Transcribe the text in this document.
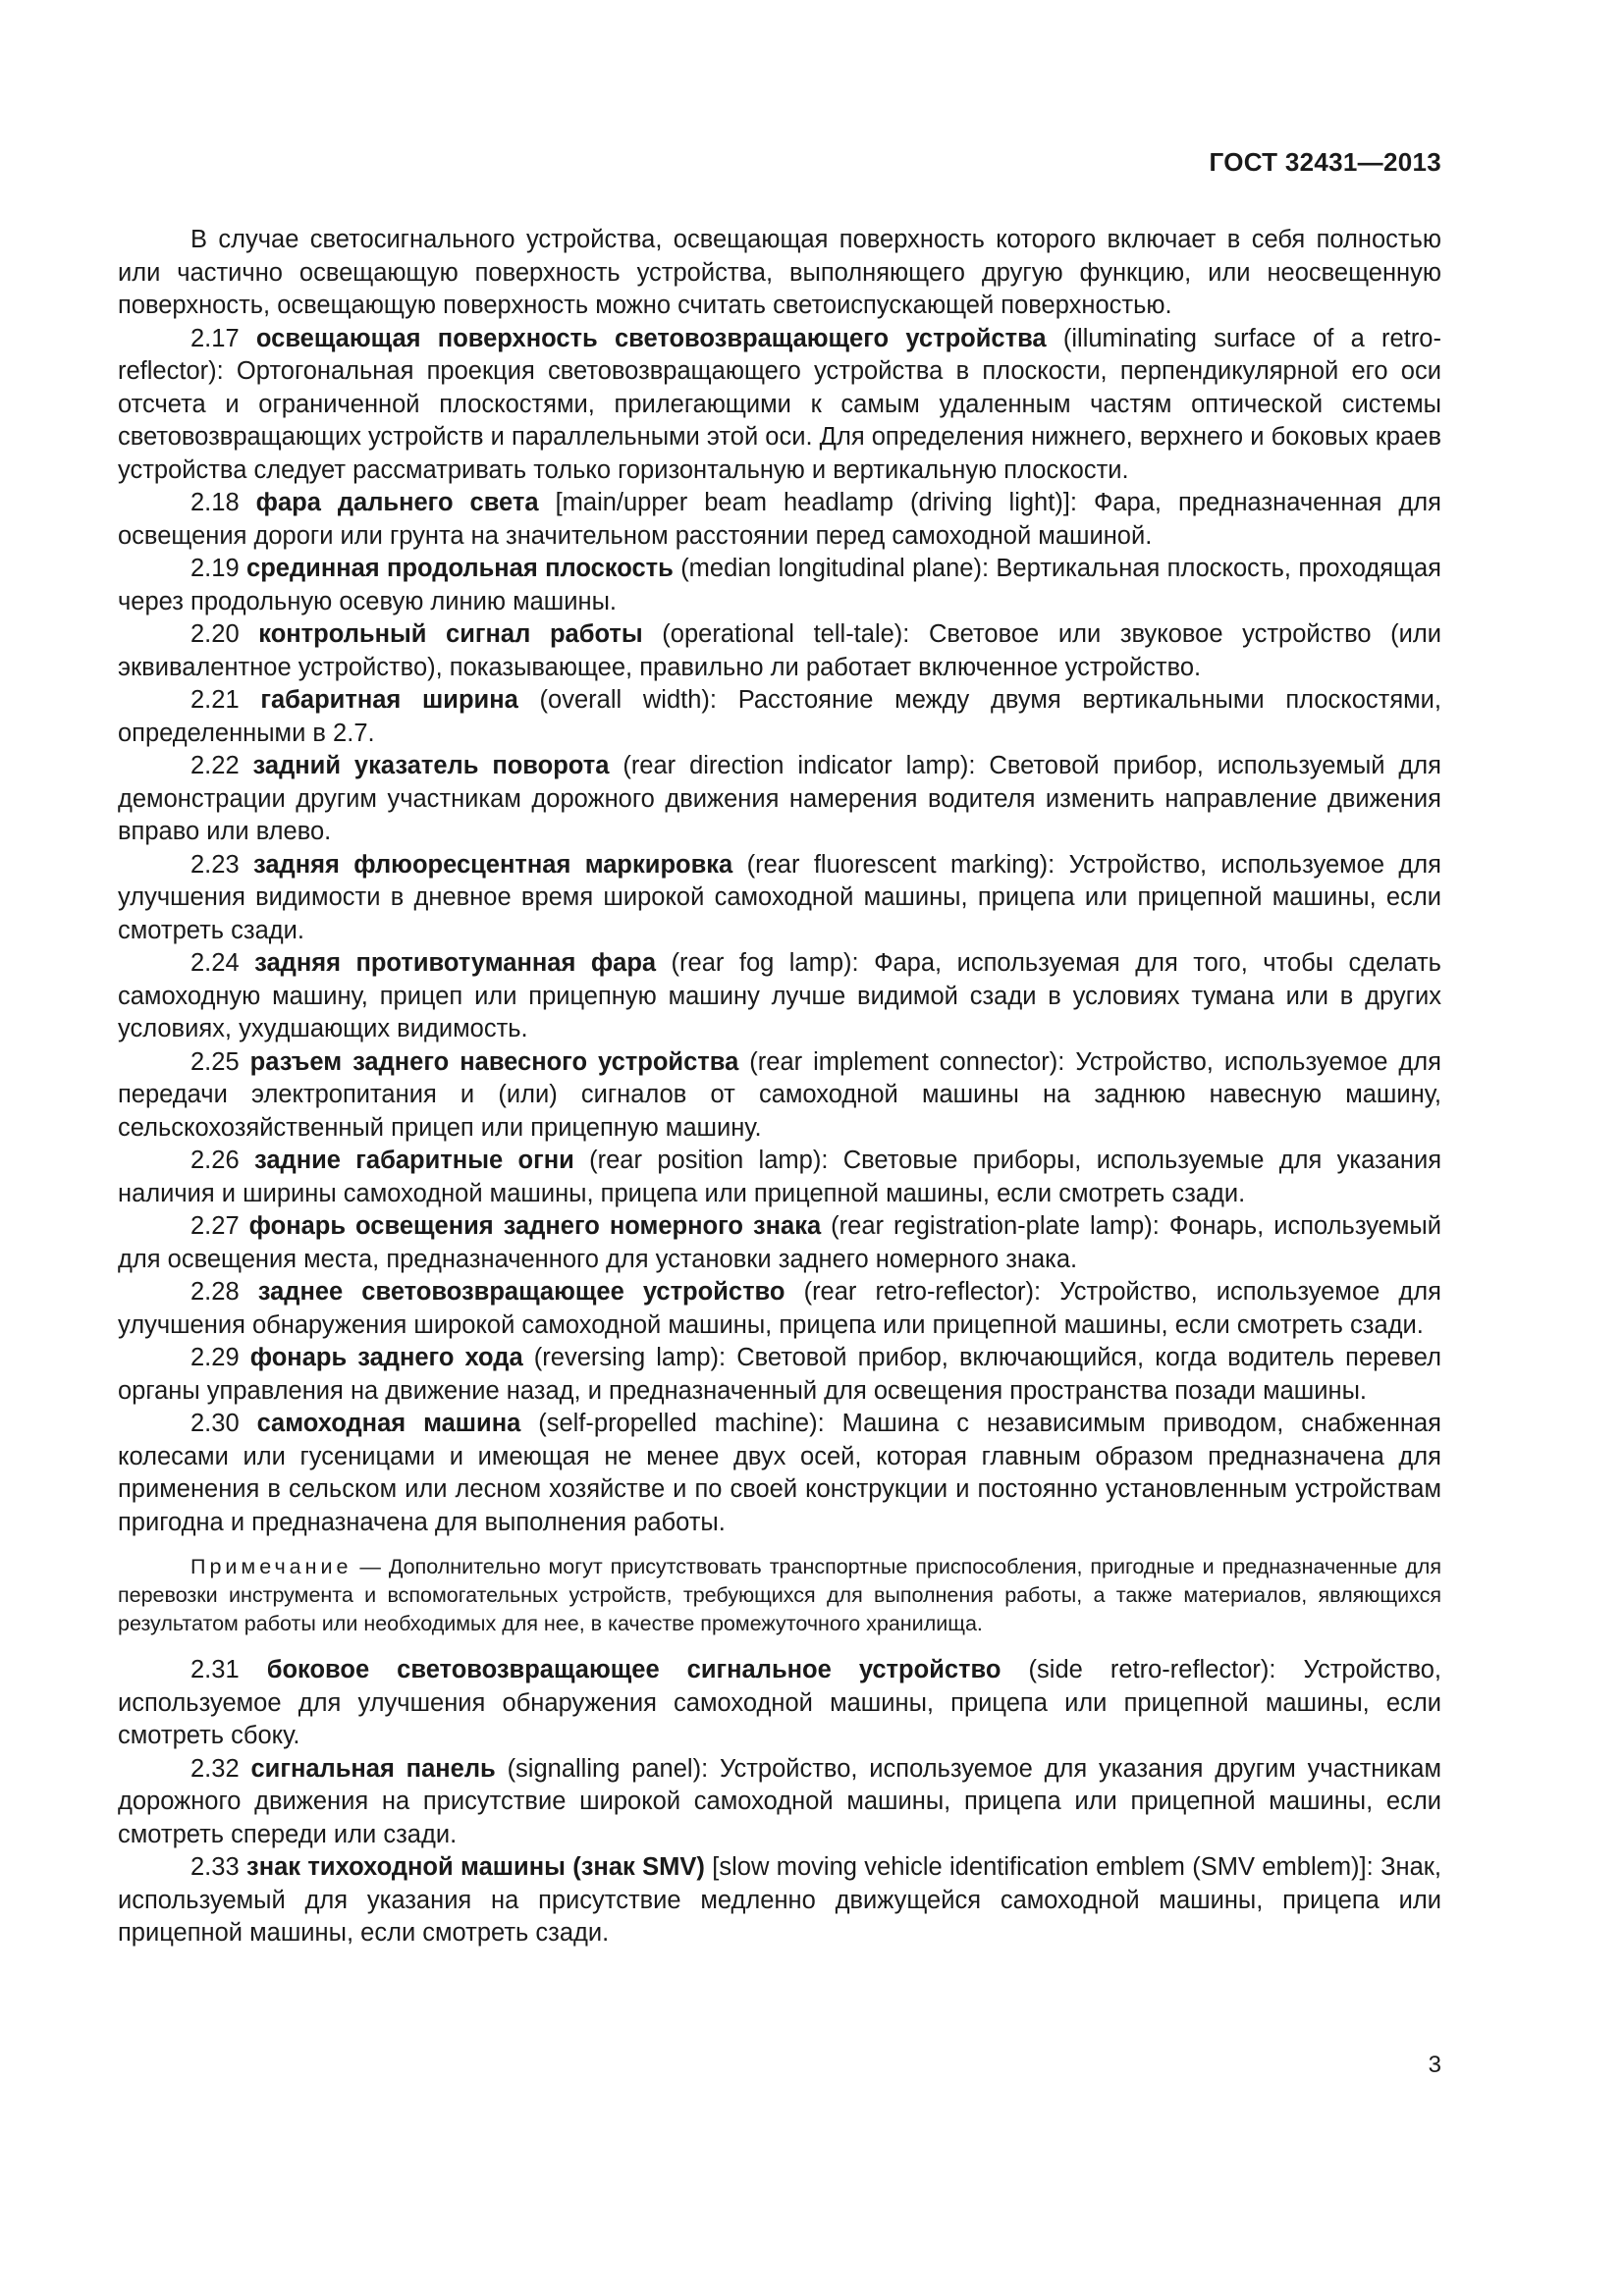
ГОСТ 32431—2013

В случае светосигнального устройства, освещающая поверхность которого включает в себя полностью или частично освещающую поверхность устройства, выполняющего другую функцию, или неосвещенную поверхность, освещающую поверхность можно считать светоиспускающей поверхностью.

2.17 освещающая поверхность световозвращающего устройства (illuminating surface of a retro-reflector): Ортогональная проекция световозвращающего устройства в плоскости, перпендикулярной его оси отсчета и ограниченной плоскостями, прилегающими к самым удаленным частям оптической системы световозвращающих устройств и параллельными этой оси. Для определения нижнего, верхнего и боковых краев устройства следует рассматривать только горизонтальную и вертикальную плоскости.

2.18 фара дальнего света [main/upper beam headlamp (driving light)]: Фара, предназначенная для освещения дороги или грунта на значительном расстоянии перед самоходной машиной.

2.19 срединная продольная плоскость (median longitudinal plane): Вертикальная плоскость, проходящая через продольную осевую линию машины.

2.20 контрольный сигнал работы (operational tell-tale): Световое или звуковое устройство (или эквивалентное устройство), показывающее, правильно ли работает включенное устройство.

2.21 габаритная ширина (overall width): Расстояние между двумя вертикальными плоскостями, определенными в 2.7.

2.22 задний указатель поворота (rear direction indicator lamp): Световой прибор, используемый для демонстрации другим участникам дорожного движения намерения водителя изменить направление движения вправо или влево.

2.23 задняя флюоресцентная маркировка (rear fluorescent marking): Устройство, используемое для улучшения видимости в дневное время широкой самоходной машины, прицепа или прицепной машины, если смотреть сзади.

2.24 задняя противотуманная фара (rear fog lamp): Фара, используемая для того, чтобы сделать самоходную машину, прицеп или прицепную машину лучше видимой сзади в условиях тумана или в других условиях, ухудшающих видимость.

2.25 разъем заднего навесного устройства (rear implement connector): Устройство, используемое для передачи электропитания и (или) сигналов от самоходной машины на заднюю навесную машину, сельскохозяйственный прицеп или прицепную машину.

2.26 задние габаритные огни (rear position lamp): Световые приборы, используемые для указания наличия и ширины самоходной машины, прицепа или прицепной машины, если смотреть сзади.

2.27 фонарь освещения заднего номерного знака (rear registration-plate lamp): Фонарь, используемый для освещения места, предназначенного для установки заднего номерного знака.

2.28 заднее световозвращающее устройство (rear retro-reflector): Устройство, используемое для улучшения обнаружения широкой самоходной машины, прицепа или прицепной машины, если смотреть сзади.

2.29 фонарь заднего хода (reversing lamp): Световой прибор, включающийся, когда водитель перевел органы управления на движение назад, и предназначенный для освещения пространства позади машины.

2.30 самоходная машина (self-propelled machine): Машина с независимым приводом, снабженная колесами или гусеницами и имеющая не менее двух осей, которая главным образом предназначена для применения в сельском или лесном хозяйстве и по своей конструкции и постоянно установленным устройствам пригодна и предназначена для выполнения работы.

Примечание — Дополнительно могут присутствовать транспортные приспособления, пригодные и предназначенные для перевозки инструмента и вспомогательных устройств, требующихся для выполнения работы, а также материалов, являющихся результатом работы или необходимых для нее, в качестве промежуточного хранилища.

2.31 боковое световозвращающее сигнальное устройство (side retro-reflector): Устройство, используемое для улучшения обнаружения самоходной машины, прицепа или прицепной машины, если смотреть сбоку.

2.32 сигнальная панель (signalling panel): Устройство, используемое для указания другим участникам дорожного движения на присутствие широкой самоходной машины, прицепа или прицепной машины, если смотреть спереди или сзади.

2.33 знак тихоходной машины (знак SMV) [slow moving vehicle identification emblem (SMV emblem)]: Знак, используемый для указания на присутствие медленно движущейся самоходной машины, прицепа или прицепной машины, если смотреть сзади.

3
